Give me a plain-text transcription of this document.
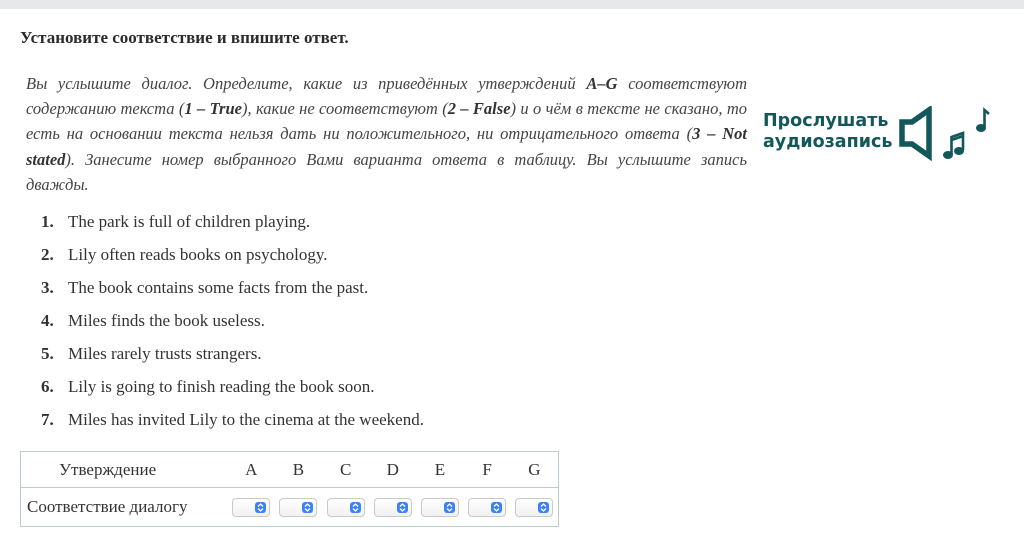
Установите соответствие и впишите ответ.
Вы услышите диалог. Определите, какие из приведённых утверждений A–G соответствуют содержанию текста (1 – True), какие не соответствуют (2 – False) и о чём в тексте не сказано, то есть на основании текста нельзя дать ни положительного, ни отрицательного ответа (3 – Not stated). Занесите номер выбранного Вами варианта ответа в таблицу. Вы услышите запись дважды.
Прослушать
аудиозапись
1. The park is full of children playing.
2. Lily often reads books on psychology.
3. The book contains some facts from the past.
4. Miles finds the book useless.
5. Miles rarely trusts strangers.
6. Lily is going to finish reading the book soon.
7. Miles has invited Lily to the cinema at the weekend.
Утверждение	A	B	C	D	E	F	G
Соответствие диалогу	
